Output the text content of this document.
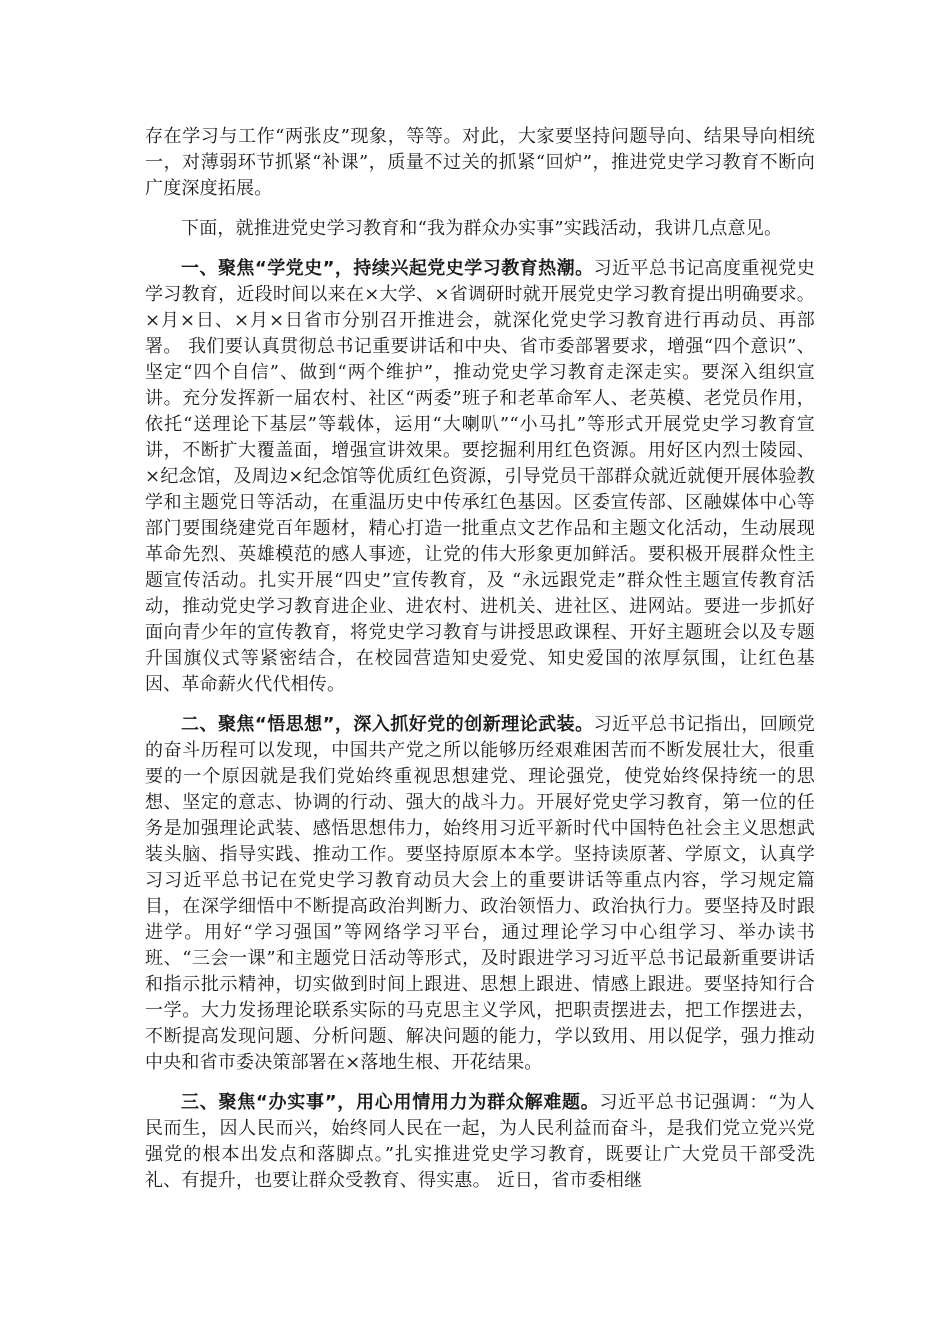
存在学习与工作“两张皮”现象，等等。对此，大家要坚持问题导向、结果导向相统一，对薄弱环节抓紧“补课”，质量不过关的抓紧“回炉”，推进党史学习教育不断向广度深度拓展。

下面，就推进党史学习教育和“我为群众办实事”实践活动，我讲几点意见。

一、聚焦“学党史”，持续兴起党史学习教育热潮。习近平总书记高度重视党史学习教育，近段时间以来在×大学、×省调研时就开展党史学习教育提出明确要求。×月×日、×月×日省市分别召开推进会，就深化党史学习教育进行再动员、再部署。 我们要认真贯彻总书记重要讲话和中央、省市委部署要求，增强“四个意识”、坚定“四个自信”、做到“两个维护”，推动党史学习教育走深走实。要深入组织宣讲。充分发挥新一届农村、社区“两委”班子和老革命军人、老英模、老党员作用，依托“送理论下基层”等载体，运用“大喇叭”“小马扎”等形式开展党史学习教育宣讲，不断扩大覆盖面，增强宣讲效果。要挖掘利用红色资源。用好区内烈士陵园、×纪念馆，及周边×纪念馆等优质红色资源，引导党员干部群众就近就便开展体验教学和主题党日等活动，在重温历史中传承红色基因。区委宣传部、区融媒体中心等部门要围绕建党百年题材，精心打造一批重点文艺作品和主题文化活动，生动展现革命先烈、英雄模范的感人事迹，让党的伟大形象更加鲜活。要积极开展群众性主题宣传活动。扎实开展“四史”宣传教育，及 “永远跟党走”群众性主题宣传教育活动，推动党史学习教育进企业、进农村、进机关、进社区、进网站。要进一步抓好面向青少年的宣传教育，将党史学习教育与讲授思政课程、开好主题班会以及专题升国旗仪式等紧密结合，在校园营造知史爱党、知史爱国的浓厚氛围，让红色基因、革命薪火代代相传。

二、聚焦“悟思想”，深入抓好党的创新理论武装。习近平总书记指出，回顾党的奋斗历程可以发现，中国共产党之所以能够历经艰难困苦而不断发展壮大，很重要的一个原因就是我们党始终重视思想建党、理论强党，使党始终保持统一的思想、坚定的意志、协调的行动、强大的战斗力。开展好党史学习教育，第一位的任务是加强理论武装、感悟思想伟力，始终用习近平新时代中国特色社会主义思想武装头脑、指导实践、推动工作。要坚持原原本本学。坚持读原著、学原文，认真学习习近平总书记在党史学习教育动员大会上的重要讲话等重点内容，学习规定篇目，在深学细悟中不断提高政治判断力、政治领悟力、政治执行力。要坚持及时跟进学。用好“学习强国”等网络学习平台，通过理论学习中心组学习、举办读书班、“三会一课”和主题党日活动等形式，及时跟进学习习近平总书记最新重要讲话和指示批示精神，切实做到时间上跟进、思想上跟进、情感上跟进。要坚持知行合一学。大力发扬理论联系实际的马克思主义学风，把职责摆进去，把工作摆进去，不断提高发现问题、分析问题、解决问题的能力，学以致用、用以促学，强力推动中央和省市委决策部署在×落地生根、开花结果。

三、聚焦“办实事”，用心用情用力为群众解难题。习近平总书记强调：“为人民而生，因人民而兴，始终同人民在一起，为人民利益而奋斗，是我们党立党兴党强党的根本出发点和落脚点。”扎实推进党史学习教育，既要让广大党员干部受洗礼、有提升，也要让群众受教育、得实惠。 近日，省市委相继
